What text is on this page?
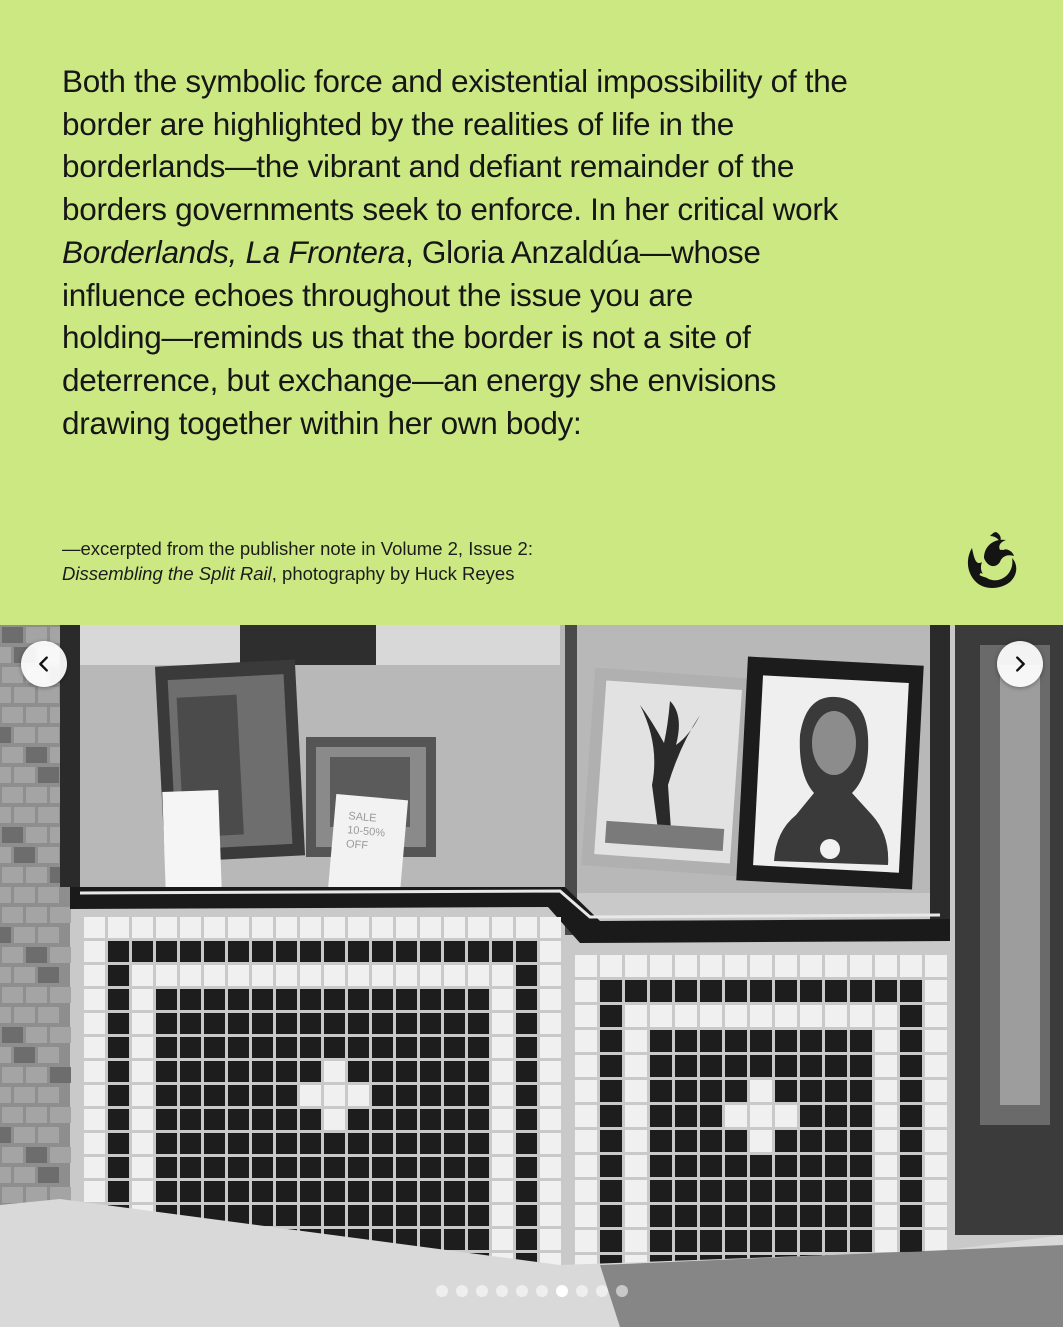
Both the symbolic force and existential impossibility of the
border are highlighted by the realities of life in the
borderlands—the vibrant and defiant remainder of the
borders governments seek to enforce. In her critical work
Borderlands, La Frontera, Gloria Anzaldúa—whose
influence echoes throughout the issue you are
holding—reminds us that the border is not a site of
deterrence, but exchange—an energy she envisions
drawing together within her own body:

—excerpted from the publisher note in Volume 2, Issue 2:
Dissembling the Split Rail, photography by Huck Reyes

SALE10-50%OFF
